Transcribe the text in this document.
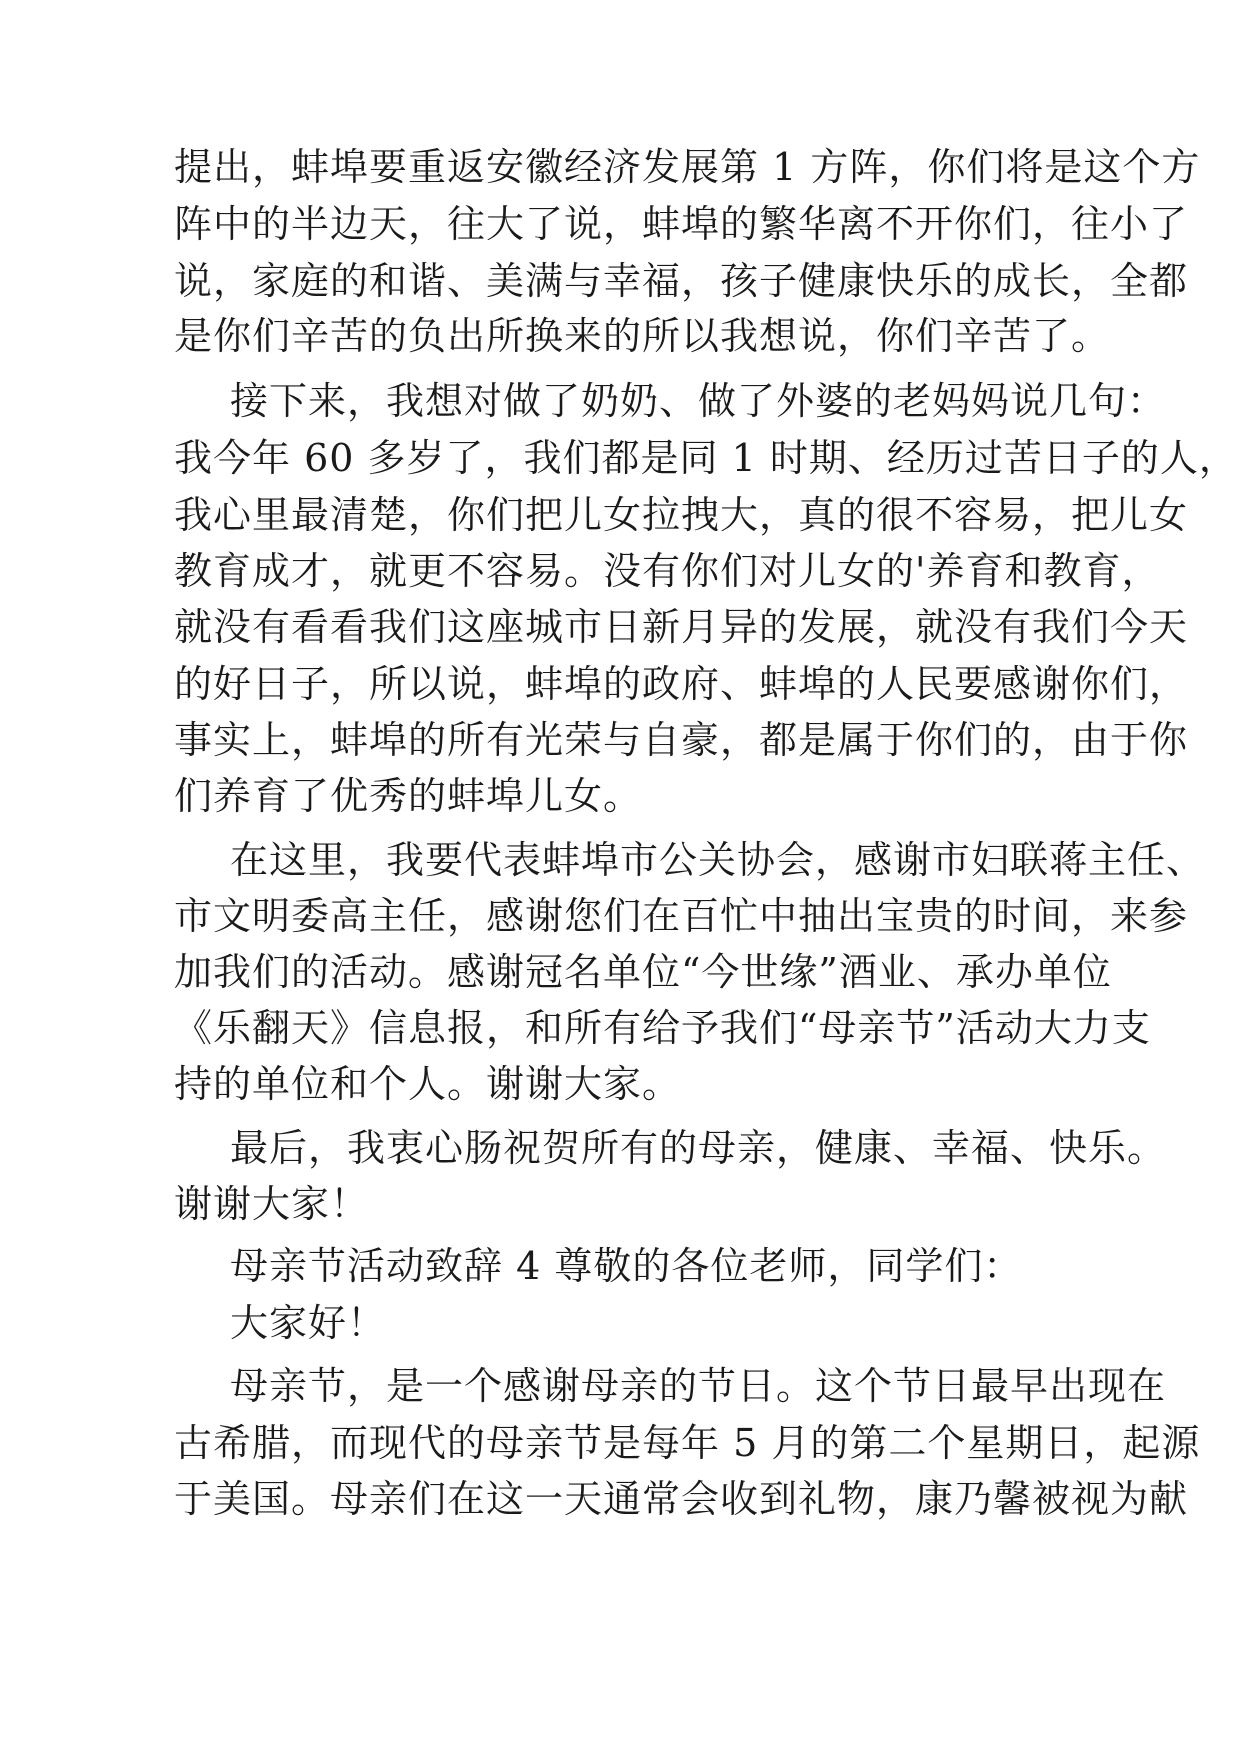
提出，蚌埠要重返安徽经济发展第 1 方阵，你们将是这个方
阵中的半边天，往大了说，蚌埠的繁华离不开你们，往小了
说，家庭的和谐、美满与幸福，孩子健康快乐的成长，全都
是你们辛苦的负出所换来的所以我想说，你们辛苦了。
接下来，我想对做了奶奶、做了外婆的老妈妈说几句：
我今年 60 多岁了，我们都是同 1 时期、经历过苦日子的人，
我心里最清楚，你们把儿女拉拽大，真的很不容易，把儿女
教育成才，就更不容易。没有你们对儿女的'养育和教育，
就没有看看我们这座城市日新月异的发展，就没有我们今天
的好日子，所以说，蚌埠的政府、蚌埠的人民要感谢你们，
事实上，蚌埠的所有光荣与自豪，都是属于你们的，由于你
们养育了优秀的蚌埠儿女。
在这里，我要代表蚌埠市公关协会，感谢市妇联蒋主任、
市文明委高主任，感谢您们在百忙中抽出宝贵的时间，来参
加我们的活动。感谢冠名单位“今世缘”酒业、承办单位
《乐翻天》信息报，和所有给予我们“母亲节”活动大力支
持的单位和个人。谢谢大家。
最后，我衷心肠祝贺所有的母亲，健康、幸福、快乐。
谢谢大家！
母亲节活动致辞 4 尊敬的各位老师，同学们：
大家好！
母亲节，是一个感谢母亲的节日。这个节日最早出现在
古希腊，而现代的母亲节是每年 5 月的第二个星期日，起源
于美国。母亲们在这一天通常会收到礼物，康乃馨被视为献
